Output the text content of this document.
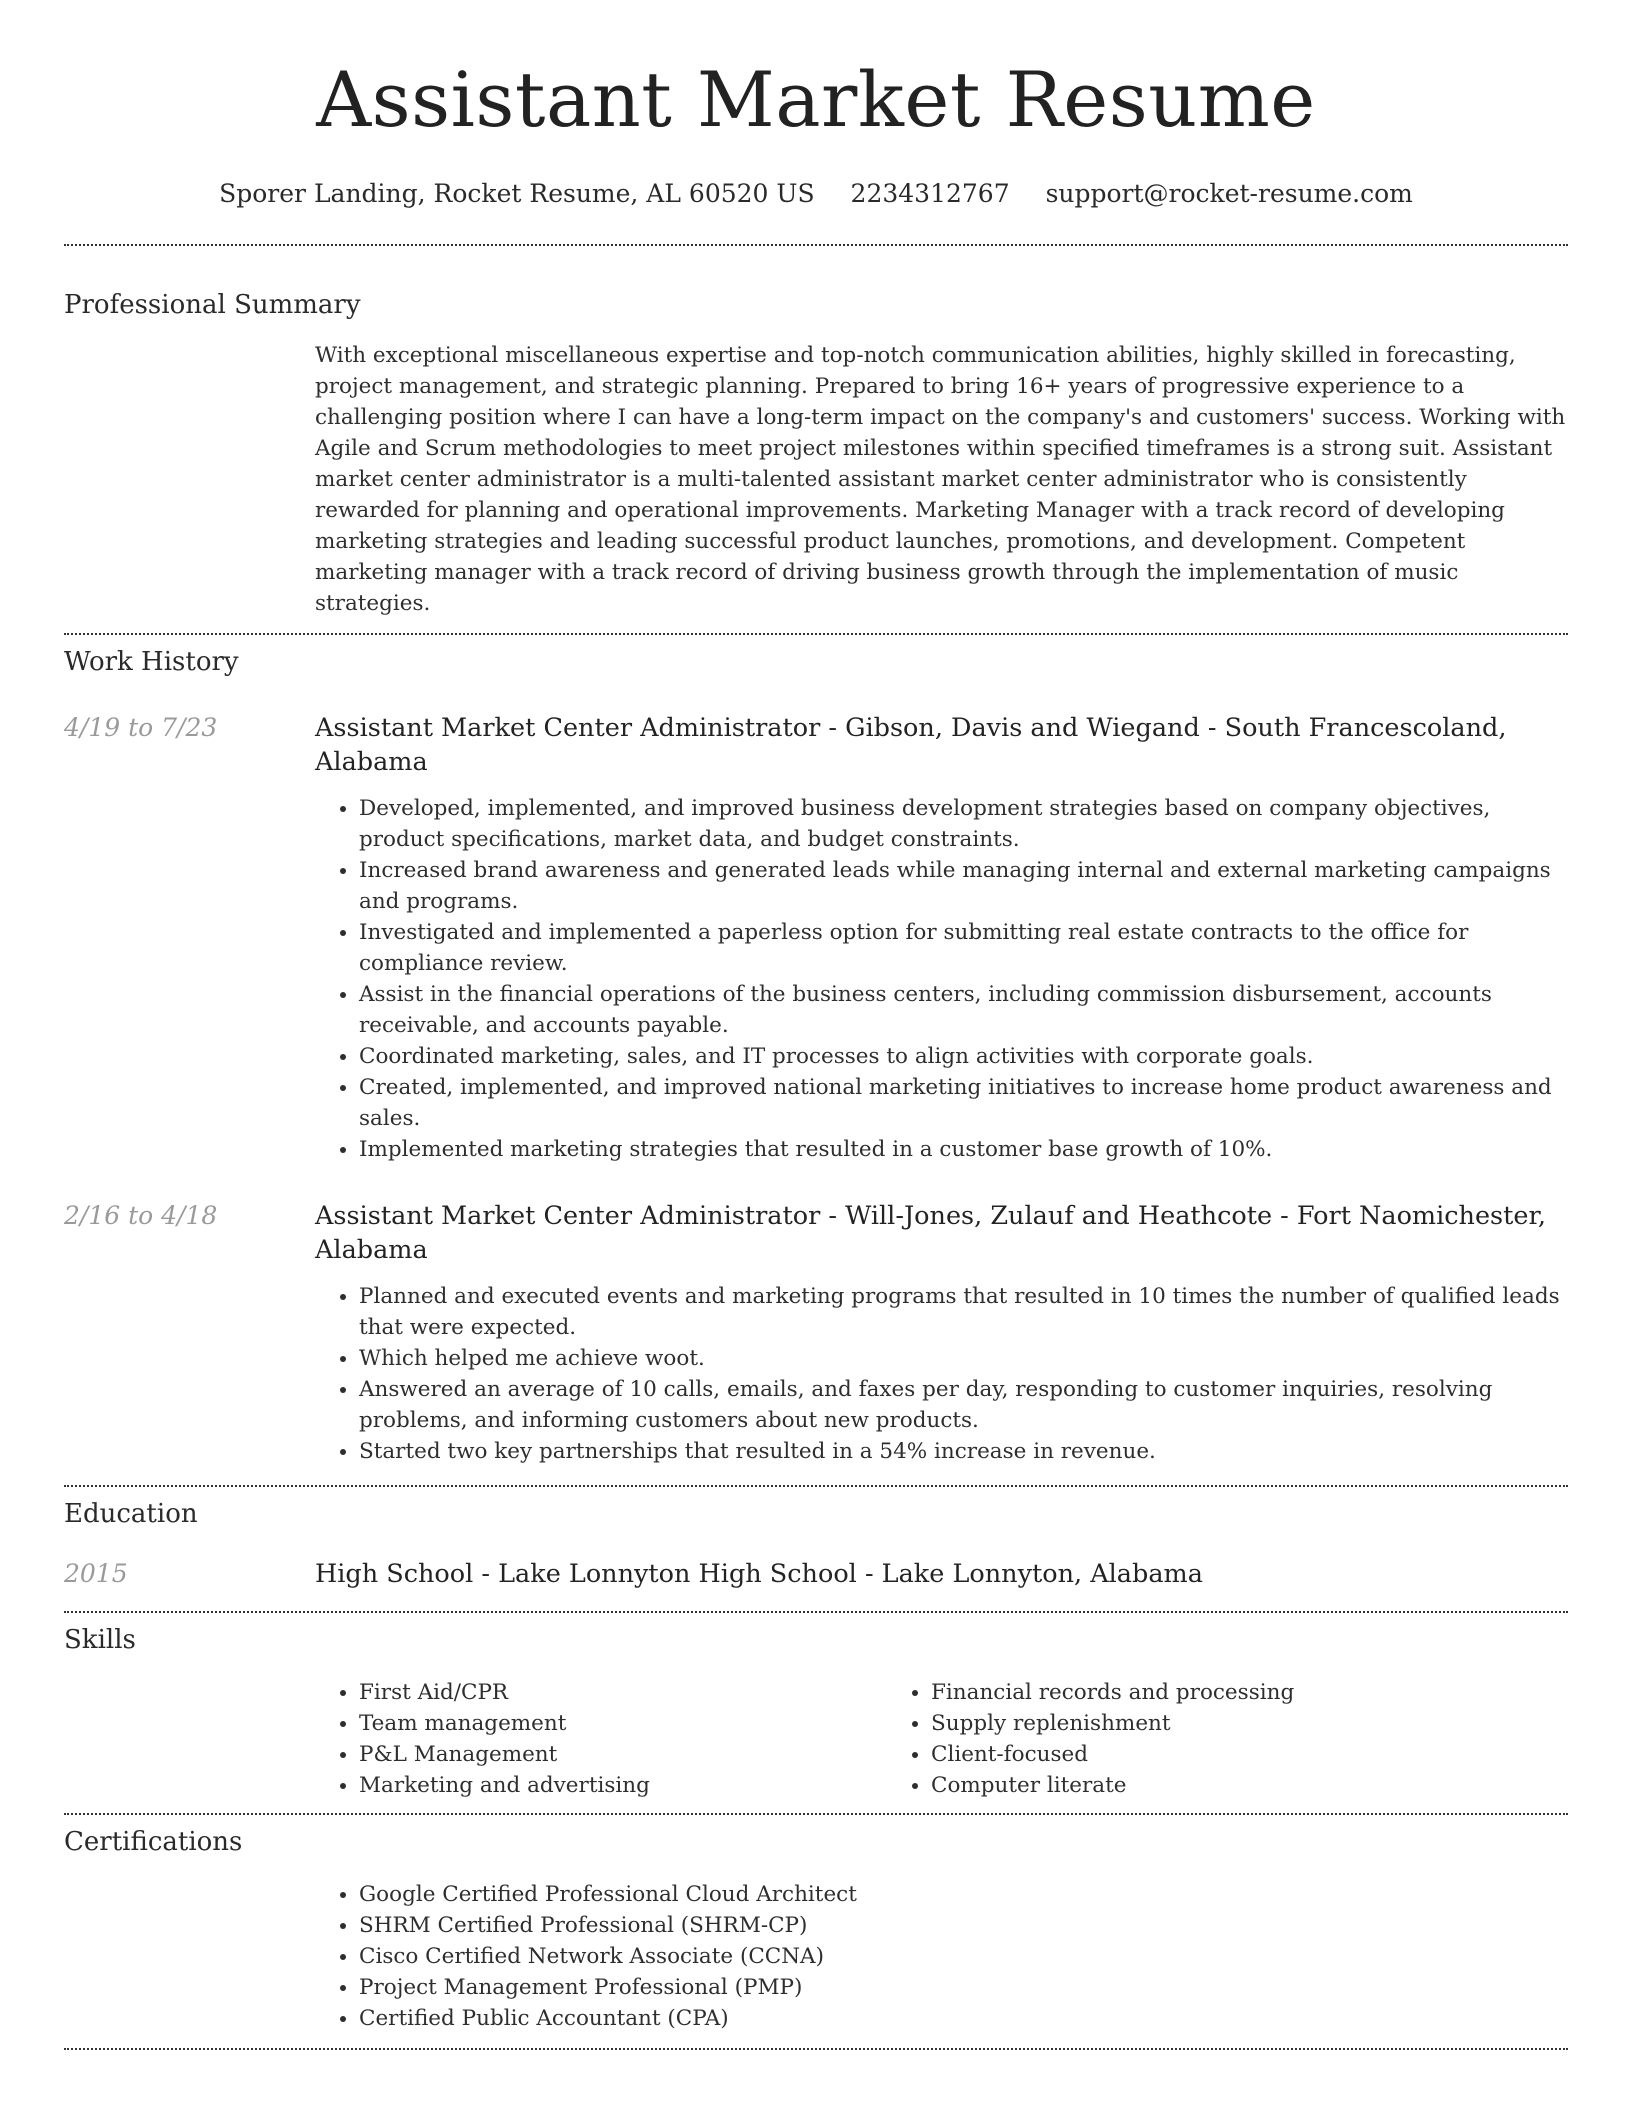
Assistant Market Resume
Sporer Landing, Rocket Resume, AL 60520 US 2234312767 support@rocket-resume.com
Professional Summary

With exceptional miscellaneous expertise and top-notch communication abilities, highly skilled in forecasting, project management, and strategic planning. Prepared to bring 16+ years of progressive experience to a challenging position where I can have a long-term impact on the company's and customers' success. Working with Agile and Scrum methodologies to meet project milestones within specified timeframes is a strong suit. Assistant market center administrator is a multi-talented assistant market center administrator who is consistently rewarded for planning and operational improvements. Marketing Manager with a track record of developing marketing strategies and leading successful product launches, promotions, and development. Competent marketing manager with a track record of driving business growth through the implementation of music strategies.

Work History
4/19 to 7/23	Assistant Market Center Administrator - Gibson, Davis and Wiegand - South Francescoland, Alabama
• Developed, implemented, and improved business development strategies based on company objectives, product specifications, market data, and budget constraints.
• Increased brand awareness and generated leads while managing internal and external marketing campaigns and programs.
• Investigated and implemented a paperless option for submitting real estate contracts to the office for compliance review.
• Assist in the financial operations of the business centers, including commission disbursement, accounts receivable, and accounts payable.
• Coordinated marketing, sales, and IT processes to align activities with corporate goals.
• Created, implemented, and improved national marketing initiatives to increase home product awareness and sales.
• Implemented marketing strategies that resulted in a customer base growth of 10%.
2/16 to 4/18	Assistant Market Center Administrator - Will-Jones, Zulauf and Heathcote - Fort Naomichester, Alabama
• Planned and executed events and marketing programs that resulted in 10 times the number of qualified leads that were expected.
• Which helped me achieve woot.
• Answered an average of 10 calls, emails, and faxes per day, responding to customer inquiries, resolving problems, and informing customers about new products.
• Started two key partnerships that resulted in a 54% increase in revenue.
Education
2015	High School - Lake Lonnyton High School - Lake Lonnyton, Alabama
Skills
• First Aid/CPR
• Team management
• P&L Management
• Marketing and advertising
• Financial records and processing
• Supply replenishment
• Client-focused
• Computer literate
Certifications
• Google Certified Professional Cloud Architect
• SHRM Certified Professional (SHRM-CP)
• Cisco Certified Network Associate (CCNA)
• Project Management Professional (PMP)
• Certified Public Accountant (CPA)
